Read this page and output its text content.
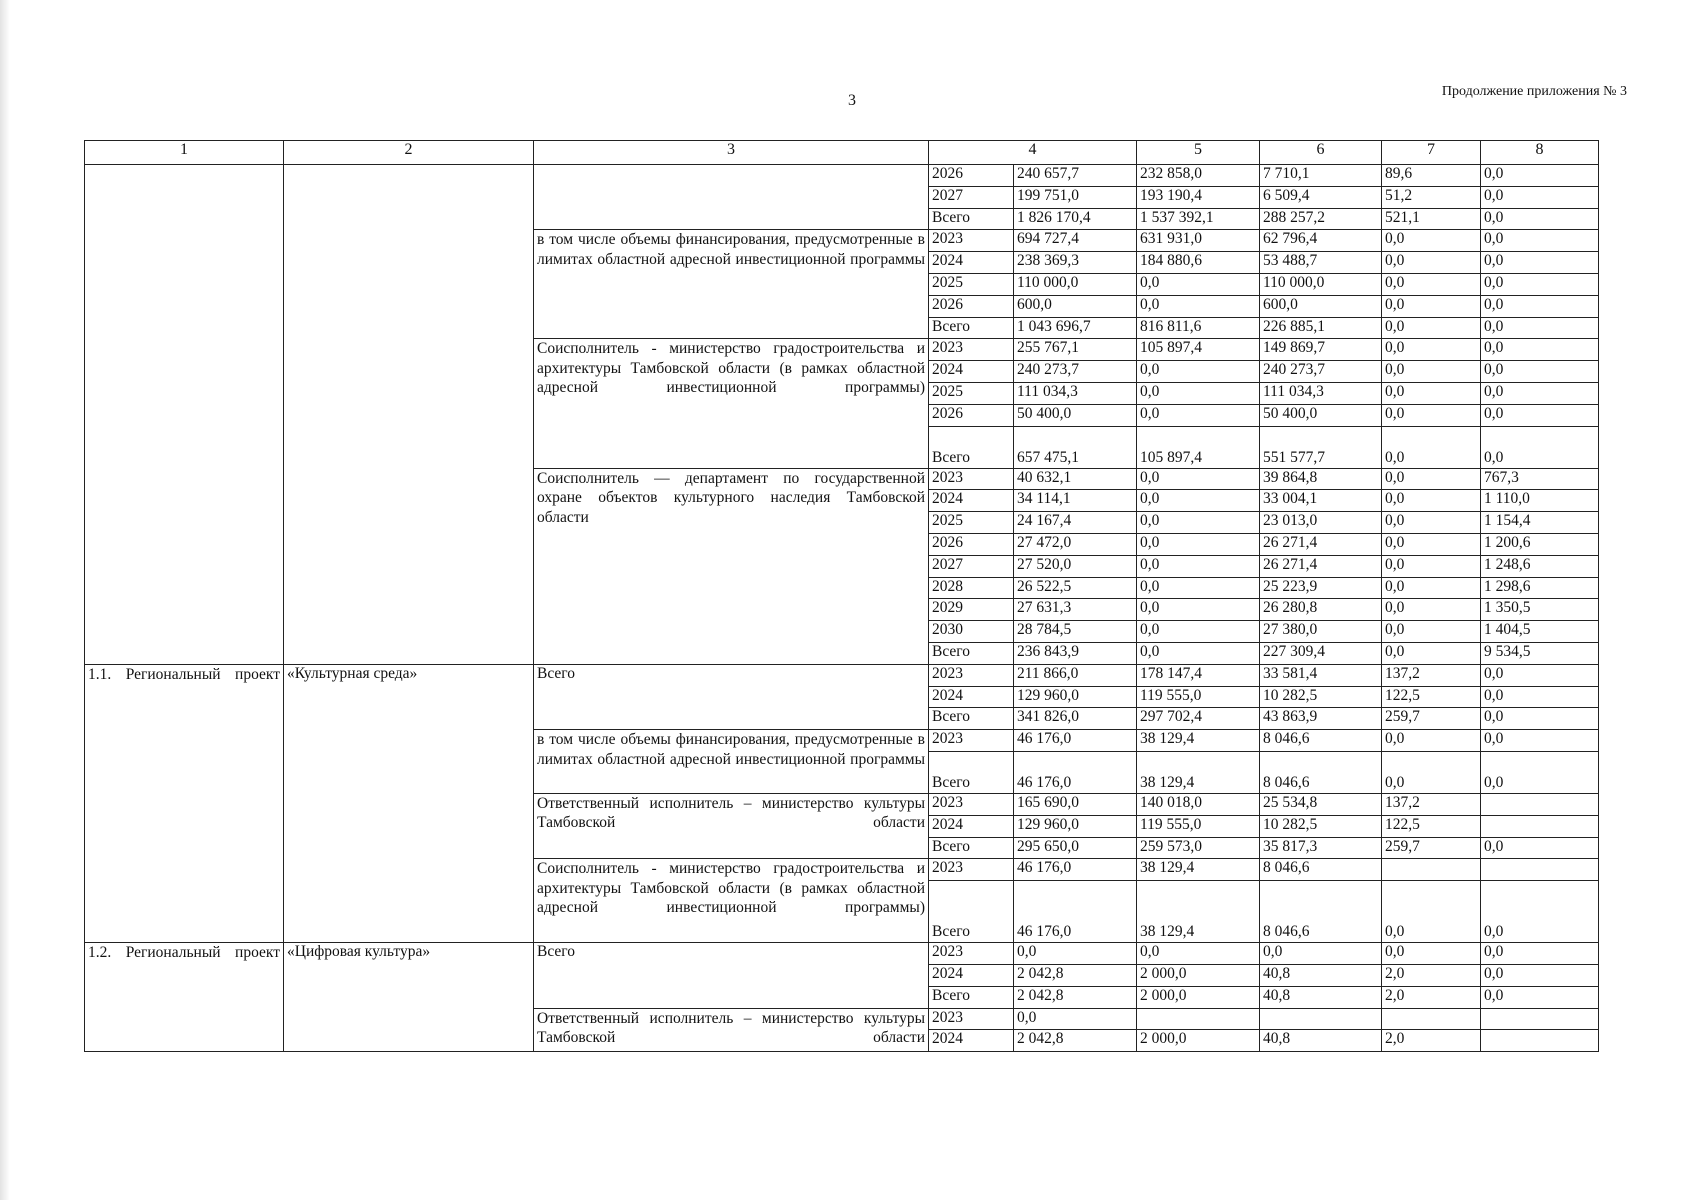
3
Продолжение приложения № 3
1	2	3	4		5	6	7	8
			2026	240 657,7	232 858,0	7 710,1	89,6	0,0
			2027	199 751,0	193 190,4	6 509,4	51,2	0,0
			Всего	1 826 170,4	1 537 392,1	288 257,2	521,1	0,0
		в том числе объемы финансирования, предусмотренные в лимитах областной адресной инвестиционной программы	2023	694 727,4	631 931,0	62 796,4	0,0	0,0
			2024	238 369,3	184 880,6	53 488,7	0,0	0,0
			2025	110 000,0	0,0	110 000,0	0,0	0,0
			2026	600,0	0,0	600,0	0,0	0,0
			Всего	1 043 696,7	816 811,6	226 885,1	0,0	0,0
		Соисполнитель - министерство градостроительства и архитектуры Тамбовской области (в рамках областной адресной инвестиционной программы)	2023	255 767,1	105 897,4	149 869,7	0,0	0,0
			2024	240 273,7	0,0	240 273,7	0,0	0,0
			2025	111 034,3	0,0	111 034,3	0,0	0,0
			2026	50 400,0	0,0	50 400,0	0,0	0,0
			Всего	657 475,1	105 897,4	551 577,7	0,0	0,0
		Соисполнитель — департамент по государственной охране объектов культурного наследия Тамбовской области	2023	40 632,1	0,0	39 864,8	0,0	767,3
			2024	34 114,1	0,0	33 004,1	0,0	1 110,0
			2025	24 167,4	0,0	23 013,0	0,0	1 154,4
			2026	27 472,0	0,0	26 271,4	0,0	1 200,6
			2027	27 520,0	0,0	26 271,4	0,0	1 248,6
			2028	26 522,5	0,0	25 223,9	0,0	1 298,6
			2029	27 631,3	0,0	26 280,8	0,0	1 350,5
			2030	28 784,5	0,0	27 380,0	0,0	1 404,5
			Всего	236 843,9	0,0	227 309,4	0,0	9 534,5
1.1. Региональный проект	«Культурная среда»	Всего	2023	211 866,0	178 147,4	33 581,4	137,2	0,0
			2024	129 960,0	119 555,0	10 282,5	122,5	0,0
			Всего	341 826,0	297 702,4	43 863,9	259,7	0,0
		в том числе объемы финансирования, предусмотренные в лимитах областной адресной инвестиционной программы	2023	46 176,0	38 129,4	8 046,6	0,0	0,0
			Всего	46 176,0	38 129,4	8 046,6	0,0	0,0
		Ответственный исполнитель – министерство культуры Тамбовской области	2023	165 690,0	140 018,0	25 534,8	137,2	
			2024	129 960,0	119 555,0	10 282,5	122,5	
			Всего	295 650,0	259 573,0	35 817,3	259,7	0,0
		Соисполнитель - министерство градостроительства и архитектуры Тамбовской области (в рамках областной адресной инвестиционной программы)	2023	46 176,0	38 129,4	8 046,6		
			Всего	46 176,0	38 129,4	8 046,6	0,0	0,0
1.2. Региональный проект	«Цифровая культура»	Всего	2023	0,0	0,0	0,0	0,0	0,0
			2024	2 042,8	2 000,0	40,8	2,0	0,0
			Всего	2 042,8	2 000,0	40,8	2,0	0,0
		Ответственный исполнитель – министерство культуры Тамбовской области	2023	0,0				
			2024	2 042,8	2 000,0	40,8	2,0	
